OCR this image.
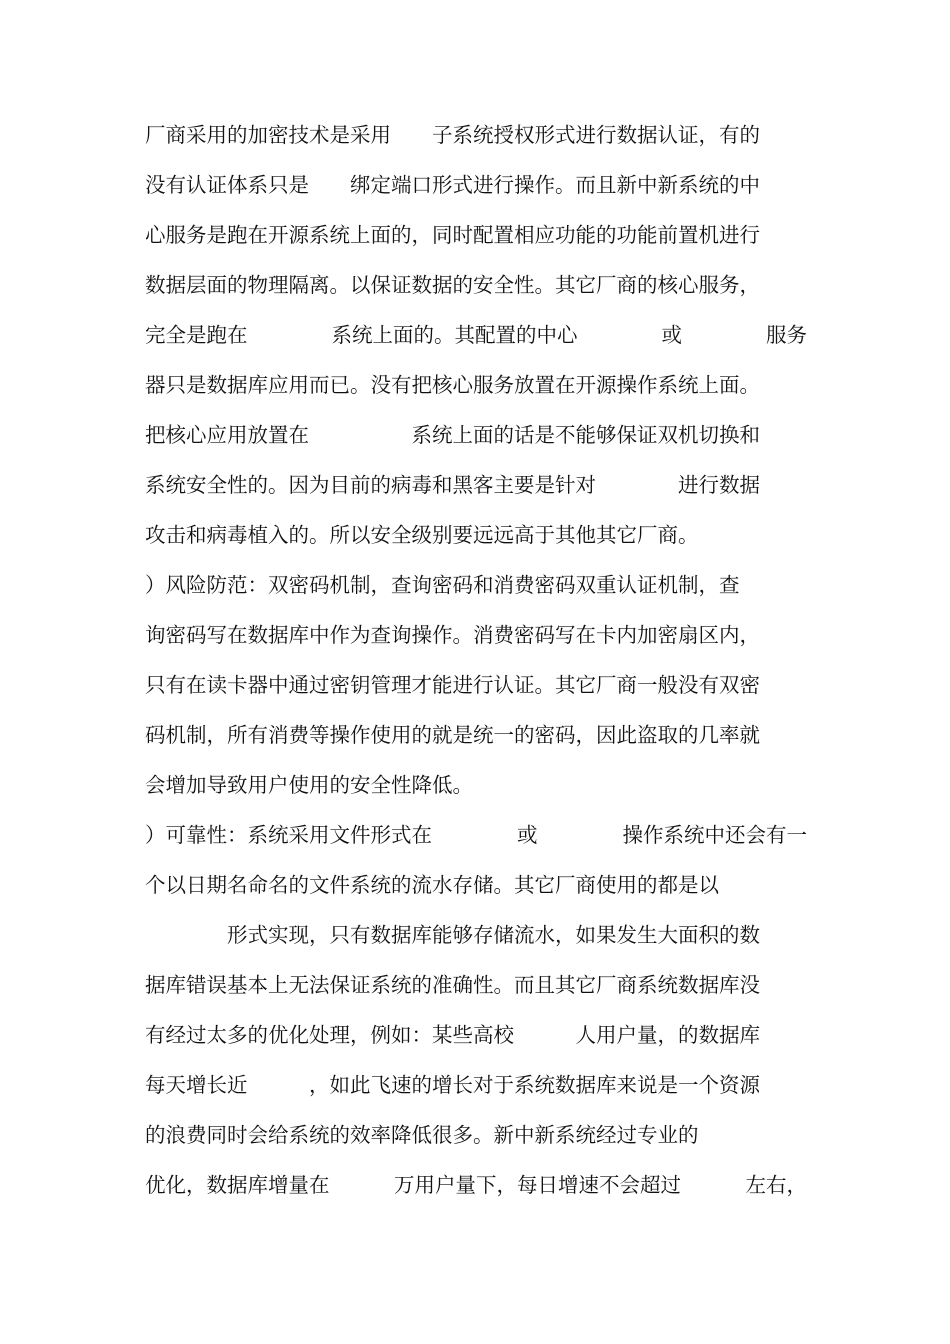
厂商采用的加密技术是采用　　子系统授权形式进行数据认证，有的
没有认证体系只是　　绑定端口形式进行操作。而且新中新系统的中
心服务是跑在开源系统上面的，同时配置相应功能的功能前置机进行
数据层面的物理隔离。以保证数据的安全性。其它厂商的核心服务，
完全是跑在	系统上面的。其配置的中心	或	服务
器只是数据库应用而已。没有把核心服务放置在开源操作系统上面。
把核心应用放置在　　　　　系统上面的话是不能够保证双机切换和
系统安全性的。因为目前的病毒和黑客主要是针对　　　　进行数据
攻击和病毒植入的。所以安全级别要远远高于其他其它厂商。
）风险防范：双密码机制，查询密码和消费密码双重认证机制，查
询密码写在数据库中作为查询操作。消费密码写在卡内加密扇区内，
只有在读卡器中通过密钥管理才能进行认证。其它厂商一般没有双密
码机制，所有消费等操作使用的就是统一的密码，因此盗取的几率就
会增加导致用户使用的安全性降低。
）可靠性：系统采用文件形式在	或	操作系统中还会有一
个以日期名命名的文件系统的流水存储。其它厂商使用的都是以
形式实现，只有数据库能够存储流水，如果发生大面积的数
据库错误基本上无法保证系统的准确性。而且其它厂商系统数据库没
有经过太多的优化处理，例如：某些高校　　　人用户量，的数据库
每天增长近　　　，如此飞速的增长对于系统数据库来说是一个资源
的浪费同时会给系统的效率降低很多。新中新系统经过专业的
优化，数据库增量在	万用户量下，每日增速不会超过	左右，
